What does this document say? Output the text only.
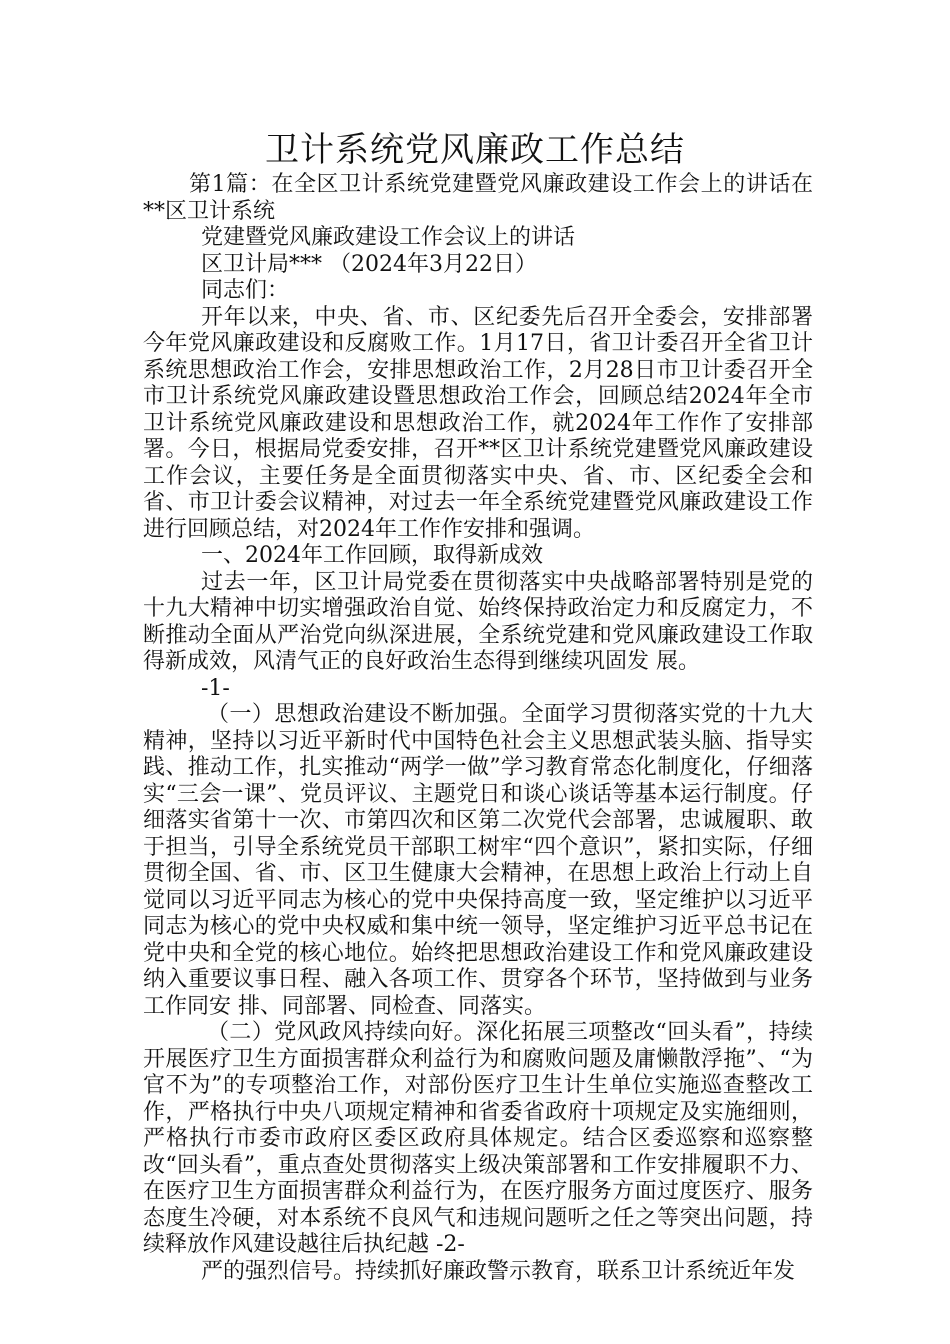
卫计系统党风廉政工作总结

第1篇：在全区卫计系统党建暨党风廉政建设工作会上的讲话在**区卫计系统

党建暨党风廉政建设工作会议上的讲话

区卫计局*** （2024年3月22日）

同志们：

开年以来，中央、省、市、区纪委先后召开全委会，安排部署今年党风廉政建设和反腐败工作。1月17日，省卫计委召开全省卫计系统思想政治工作会，安排思想政治工作，2月28日市卫计委召开全市卫计系统党风廉政建设暨思想政治工作会，回顾总结2024年全市卫计系统党风廉政建设和思想政治工作，就2024年工作作了安排部署。今日，根据局党委安排，召开**区卫计系统党建暨党风廉政建设工作会议，主要任务是全面贯彻落实中央、省、市、区纪委全会和省、市卫计委会议精神，对过去一年全系统党建暨党风廉政建设工作进行回顾总结，对2024年工作作安排和强调。

一、2024年工作回顾，取得新成效

过去一年，区卫计局党委在贯彻落实中央战略部署特别是党的十九大精神中切实增强政治自觉、始终保持政治定力和反腐定力，不断推动全面从严治党向纵深进展，全系统党建和党风廉政建设工作取得新成效，风清气正的良好政治生态得到继续巩固发 展。

-1-

（一）思想政治建设不断加强。全面学习贯彻落实党的十九大精神，坚持以习近平新时代中国特色社会主义思想武装头脑、指导实践、推动工作，扎实推动“两学一做”学习教育常态化制度化，仔细落实“三会一课”、党员评议、主题党日和谈心谈话等基本运行制度。仔细落实省第十一次、市第四次和区第二次党代会部署，忠诚履职、敢于担当，引导全系统党员干部职工树牢“四个意识”，紧扣实际，仔细贯彻全国、省、市、区卫生健康大会精神，在思想上政治上行动上自觉同以习近平同志为核心的党中央保持高度一致，坚定维护以习近平同志为核心的党中央权威和集中统一领导，坚定维护习近平总书记在党中央和全党的核心地位。始终把思想政治建设工作和党风廉政建设纳入重要议事日程、融入各项工作、贯穿各个环节，坚持做到与业务工作同安 排、同部署、同检查、同落实。

（二）党风政风持续向好。深化拓展三项整改“回头看”，持续开展医疗卫生方面损害群众利益行为和腐败问题及庸懒散浮拖”、“为官不为”的专项整治工作，对部份医疗卫生计生单位实施巡查整改工作，严格执行中央八项规定精神和省委省政府十项规定及实施细则，严格执行市委市政府区委区政府具体规定。结合区委巡察和巡察整改“回头看”，重点查处贯彻落实上级决策部署和工作安排履职不力、在医疗卫生方面损害群众利益行为，在医疗服务方面过度医疗、服务态度生冷硬，对本系统不良风气和违规问题听之任之等突出问题，持续释放作风建设越往后执纪越 -2-

严的强烈信号。持续抓好廉政警示教育，联系卫计系统近年发
